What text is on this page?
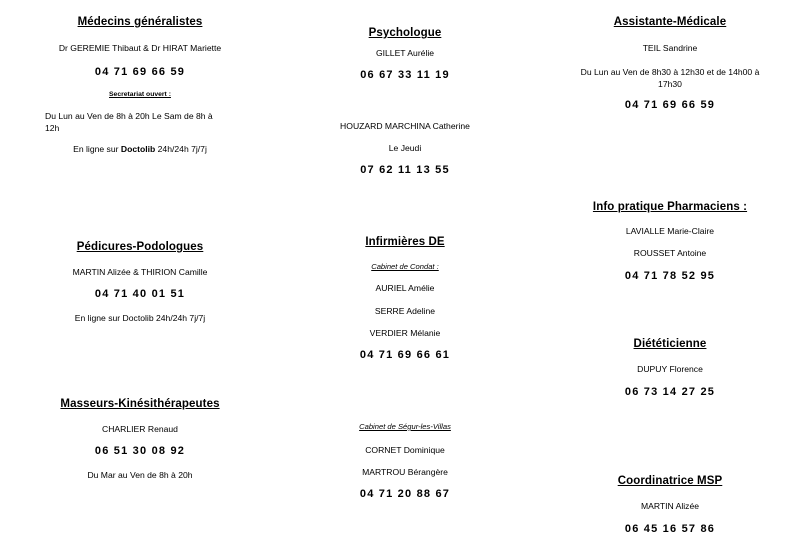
Médecins généralistes
Dr GEREMIE Thibaut & Dr HIRAT Mariette
04 71 69 66 59
Secretariat ouvert :
Du Lun au Ven de 8h à 20h Le Sam de 8h à
12h
En ligne sur Doctolib 24h/24h 7j/7j
Pédicures-Podologues
MARTIN Alizée & THIRION Camille
04 71 40 01 51
En ligne sur Doctolib 24h/24h 7j/7j
Masseurs-Kinésithérapeutes
CHARLIER Renaud
06 51 30 08 92
Du Mar au Ven de 8h à 20h
Psychologue
GILLET Aurélie
06 67 33 11 19
HOUZARD MARCHINA Catherine
Le Jeudi
07 62 11 13 55
Infirmières DE
Cabinet de Condat :
AURIEL Amélie
SERRE Adeline
VERDIER Mélanie
04 71 69 66 61
Cabinet de Ségur-les-Villas
CORNET Dominique
MARTROU Bérangère
04 71 20 88 67
Assistante-Médicale
TEIL Sandrine
Du Lun au Ven de 8h30 à 12h30 et de 14h00 à
17h30
04 71 69 66 59
Info pratique Pharmaciens :
LAVIALLE Marie-Claire
ROUSSET Antoine
04 71 78 52 95
Diététicienne
DUPUY Florence
06 73 14 27 25
Coordinatrice MSP
MARTIN Alizée
06 45 16 57 86
